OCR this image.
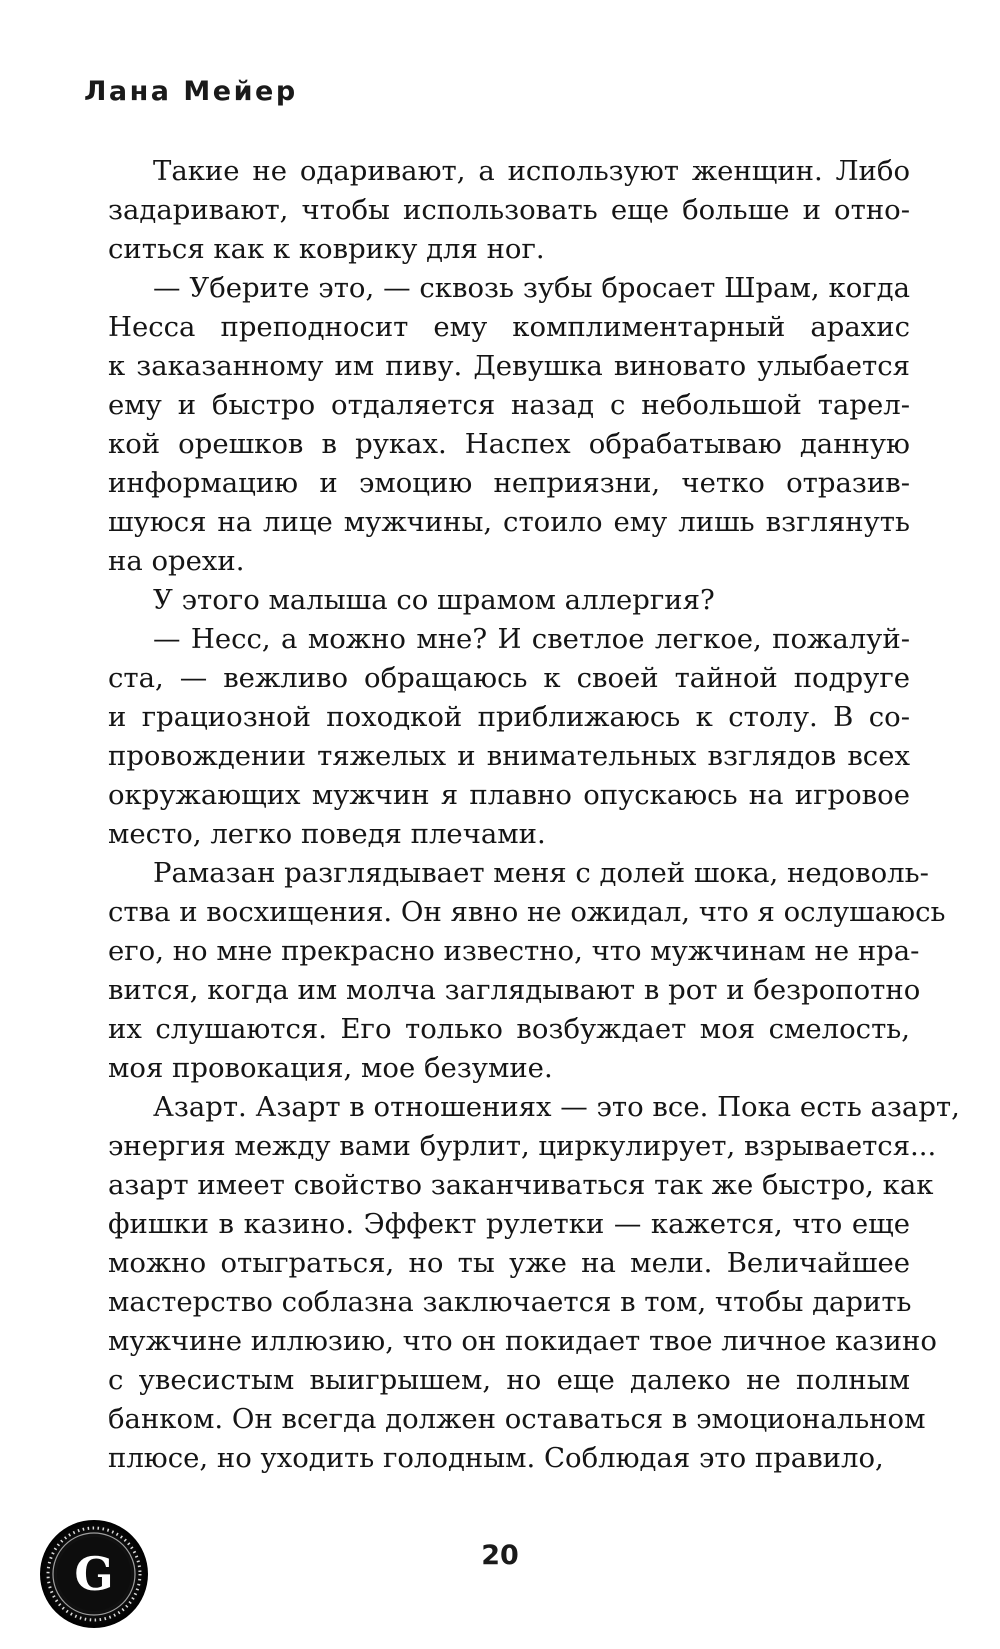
Лана Мейер
Такие не одаривают, а используют женщин. Либо
задаривают, чтобы использовать еще больше и отно-
ситься как к коврику для ног.
— Уберите это, — сквозь зубы бросает Шрам, когда
Несса преподносит ему комплиментарный арахис
к заказанному им пиву. Девушка виновато улыбается
ему и быстро отдаляется назад с небольшой тарел-
кой орешков в руках. Наспех обрабатываю данную
информацию и эмоцию неприязни, четко отразив-
шуюся на лице мужчины, стоило ему лишь взглянуть
на орехи.
У этого малыша со шрамом аллергия?
— Несс, а можно мне? И светлое легкое, пожалуй-
ста, — вежливо обращаюсь к своей тайной подруге
и грациозной походкой приближаюсь к столу. В со-
провождении тяжелых и внимательных взглядов всех
окружающих мужчин я плавно опускаюсь на игровое
место, легко поведя плечами.
Рамазан разглядывает меня с долей шока, недоволь-
ства и восхищения. Он явно не ожидал, что я ослушаюсь
его, но мне прекрасно известно, что мужчинам не нра-
вится, когда им молча заглядывают в рот и безропотно
их слушаются. Его только возбуждает моя смелость,
моя провокация, мое безумие.
Азарт. Азарт в отношениях — это все. Пока есть азарт,
энергия между вами бурлит, циркулирует, взрывается...
азарт имеет свойство заканчиваться так же быстро, как
фишки в казино. Эффект рулетки — кажется, что еще
можно отыграться, но ты уже на мели. Величайшее
мастерство соблазна заключается в том, чтобы дарить
мужчине иллюзию, что он покидает твое личное казино
с увесистым выигрышем, но еще далеко не полным
банком. Он всегда должен оставаться в эмоциональном
плюсе, но уходить голодным. Соблюдая это правило,
G	20
